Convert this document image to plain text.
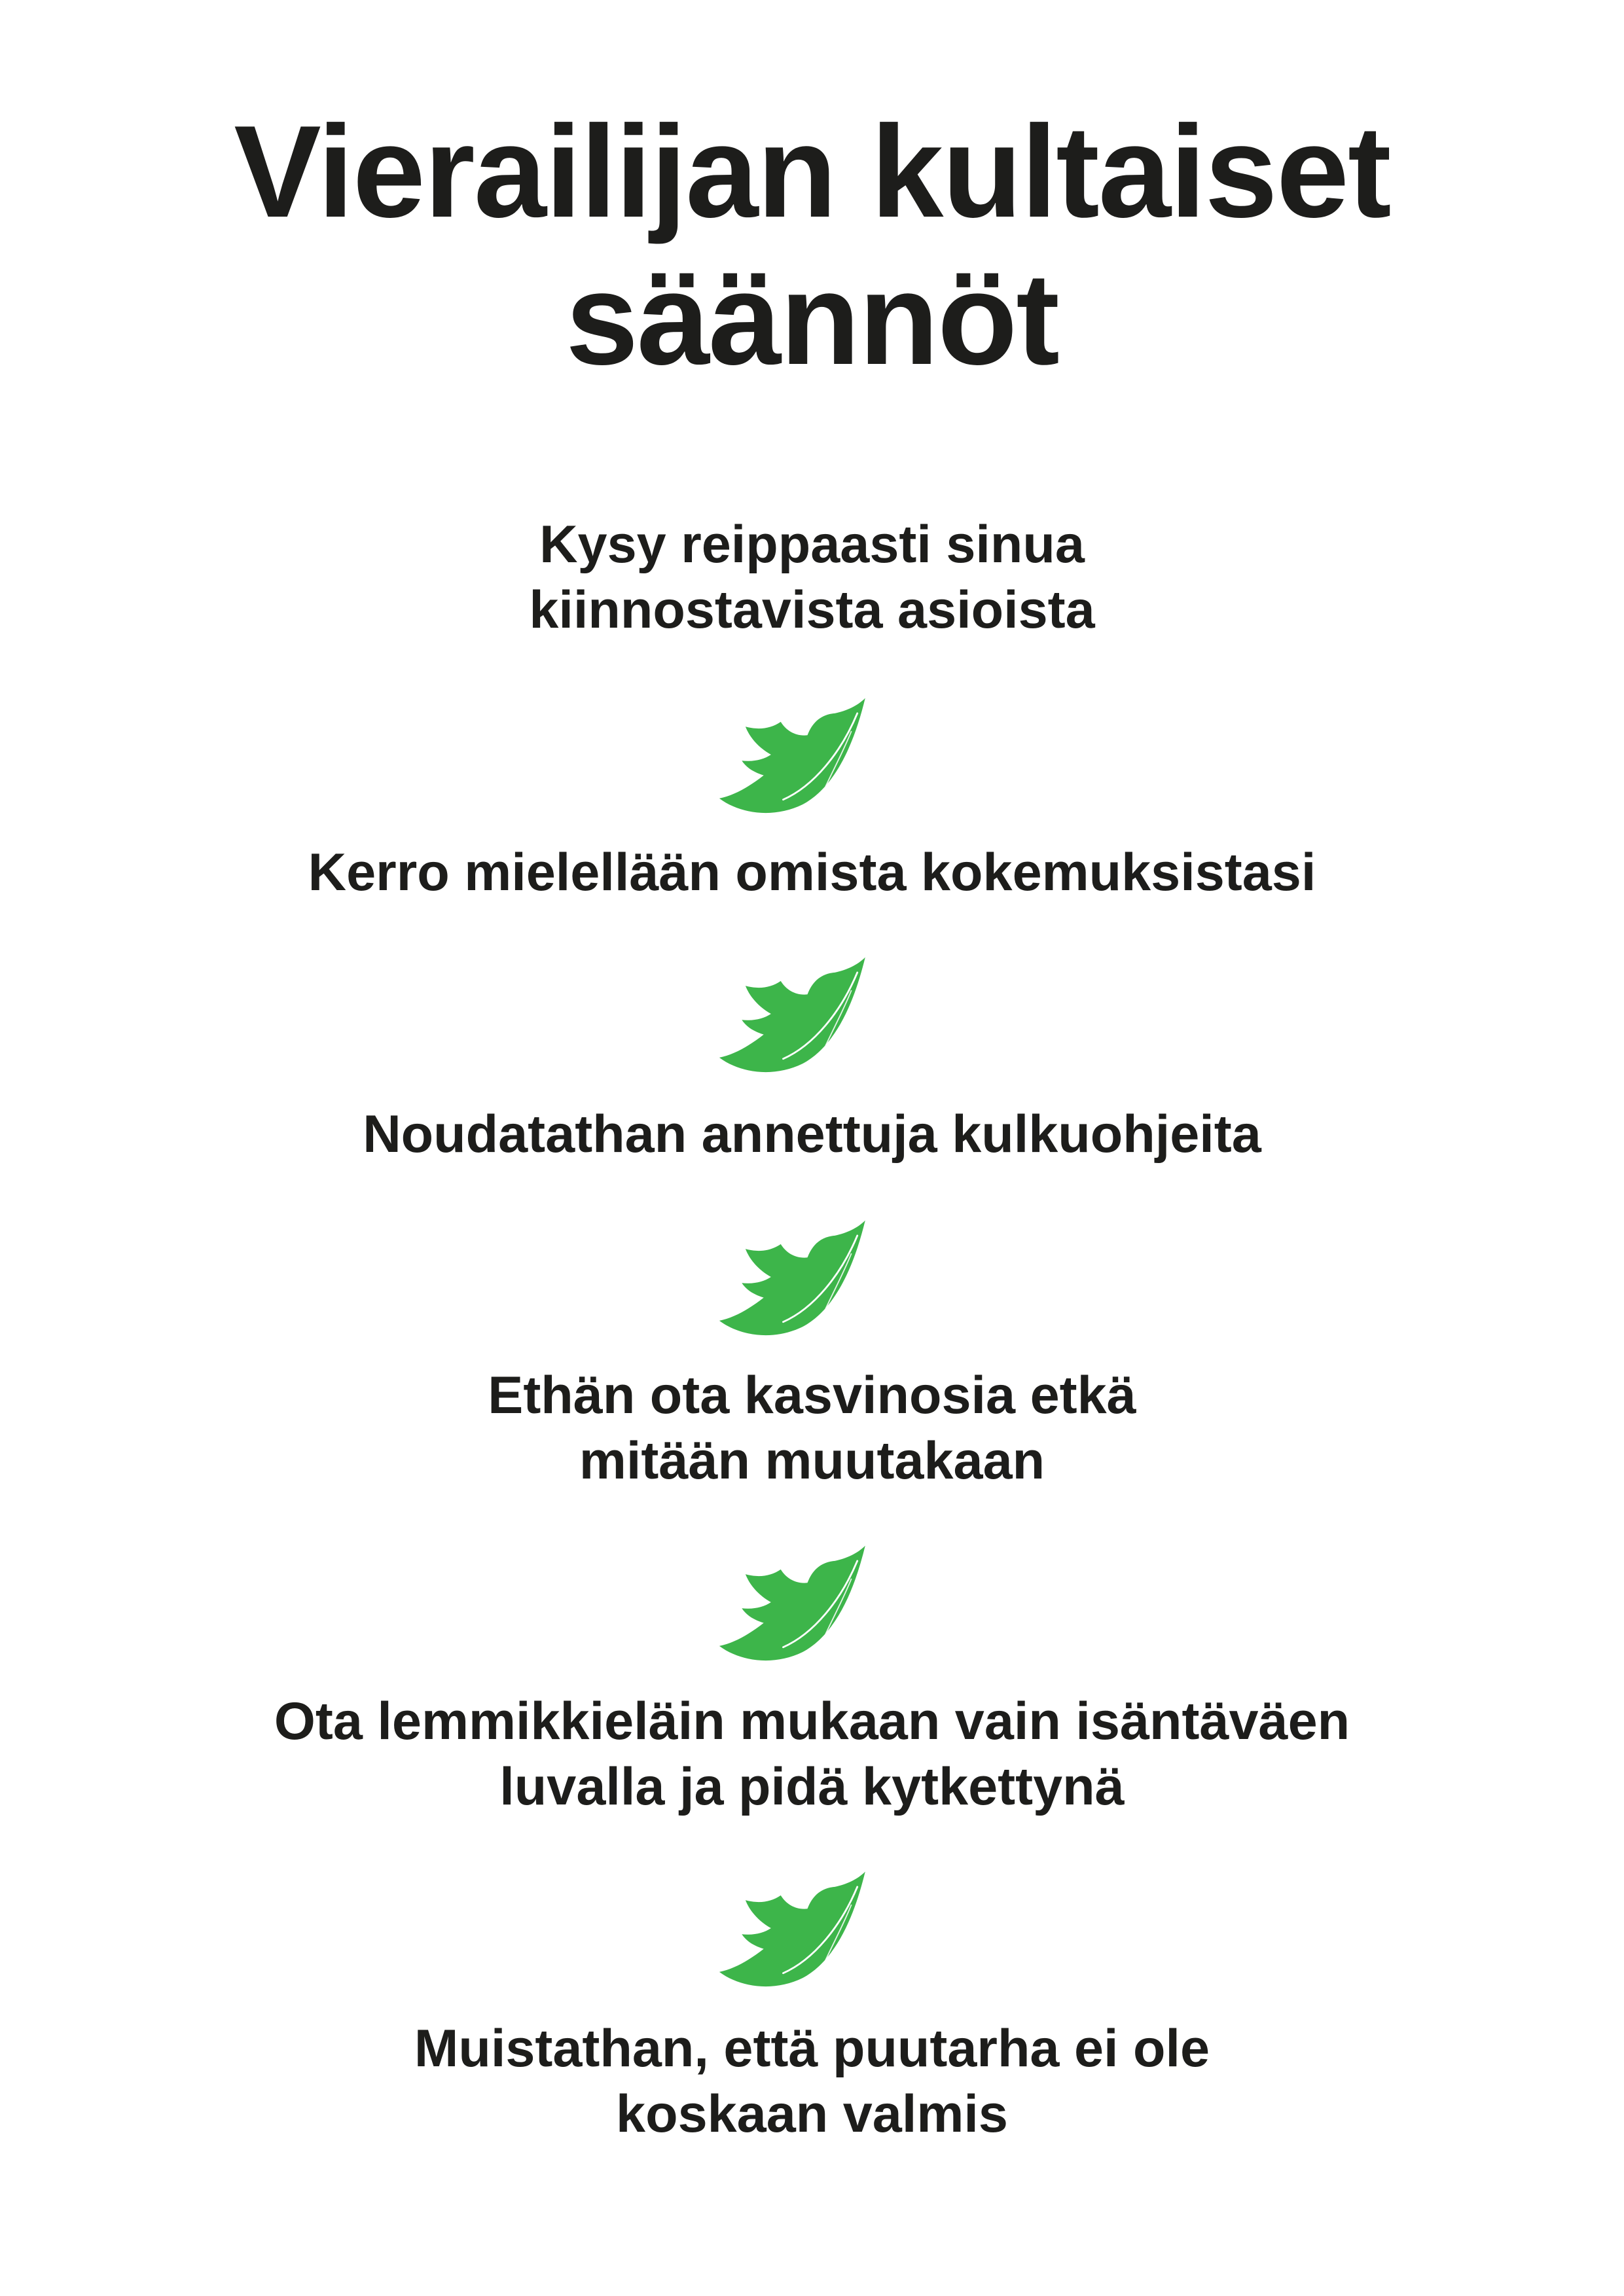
Vierailijan kultaiset
säännöt

Kysy reippaasti sinua
kiinnostavista asioista

Kerro mielellään omista kokemuksistasi

Noudatathan annettuja kulkuohjeita

Ethän ota kasvinosia etkä
mitään muutakaan

Ota lemmikkieläin mukaan vain isäntäväen
luvalla ja pidä kytkettynä

Muistathan, että puutarha ei ole
koskaan valmis
